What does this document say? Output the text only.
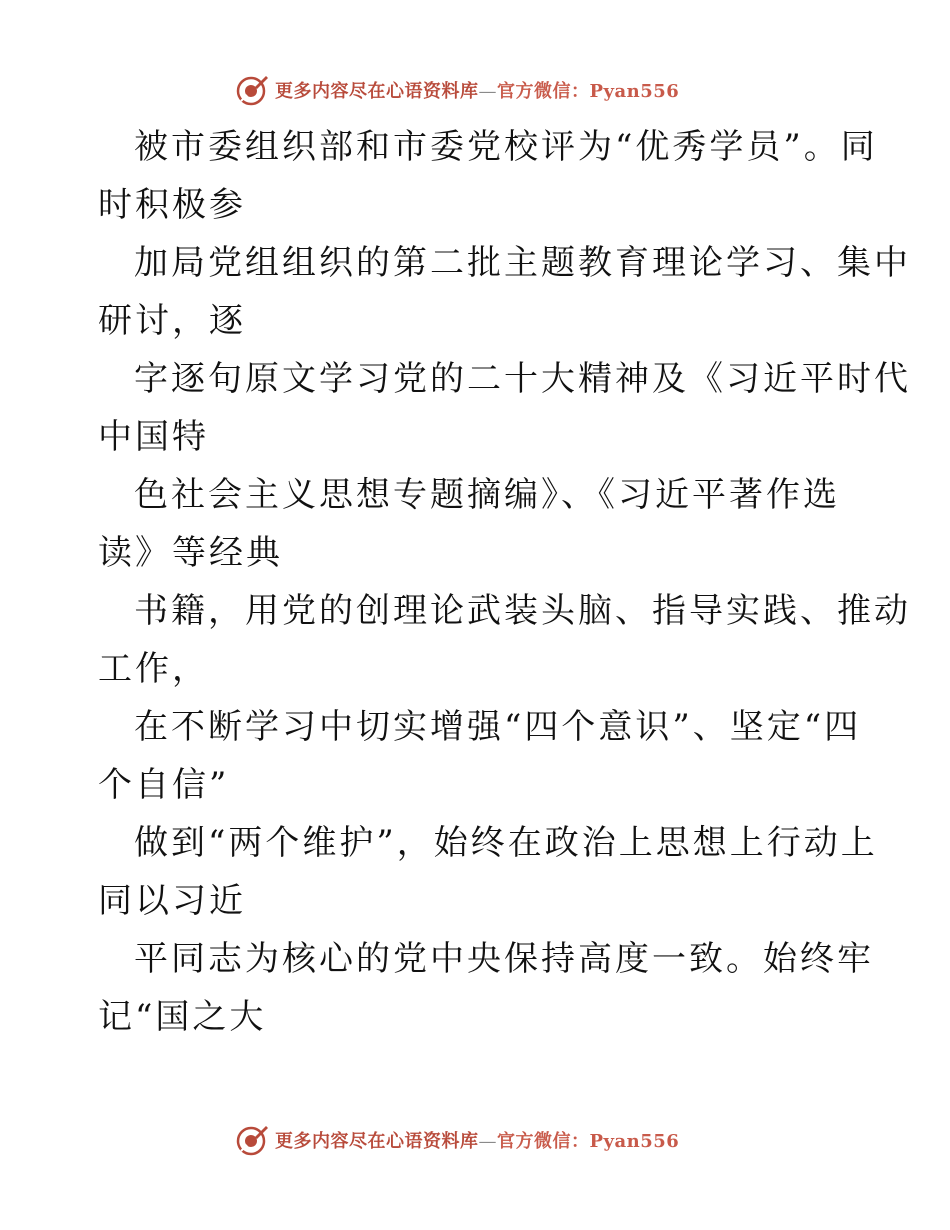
更多内容尽在心语资料库—官方微信：Pyan556
被市委组织部和市委党校评为“优秀学员”。同
时积极参
加局党组组织的第二批主题教育理论学习、集中
研讨，逐
字逐句原文学习党的二十大精神及《习近平时代
中国特
色社会主义思想专题摘编》、《习近平著作选
读》等经典
书籍，用党的创理论武装头脑、指导实践、推动
工作，
在不断学习中切实增强“四个意识”、坚定“四
个自信”
做到“两个维护”，始终在政治上思想上行动上
同以习近
平同志为核心的党中央保持高度一致。始终牢
记“国之大
更多内容尽在心语资料库—官方微信：Pyan556
